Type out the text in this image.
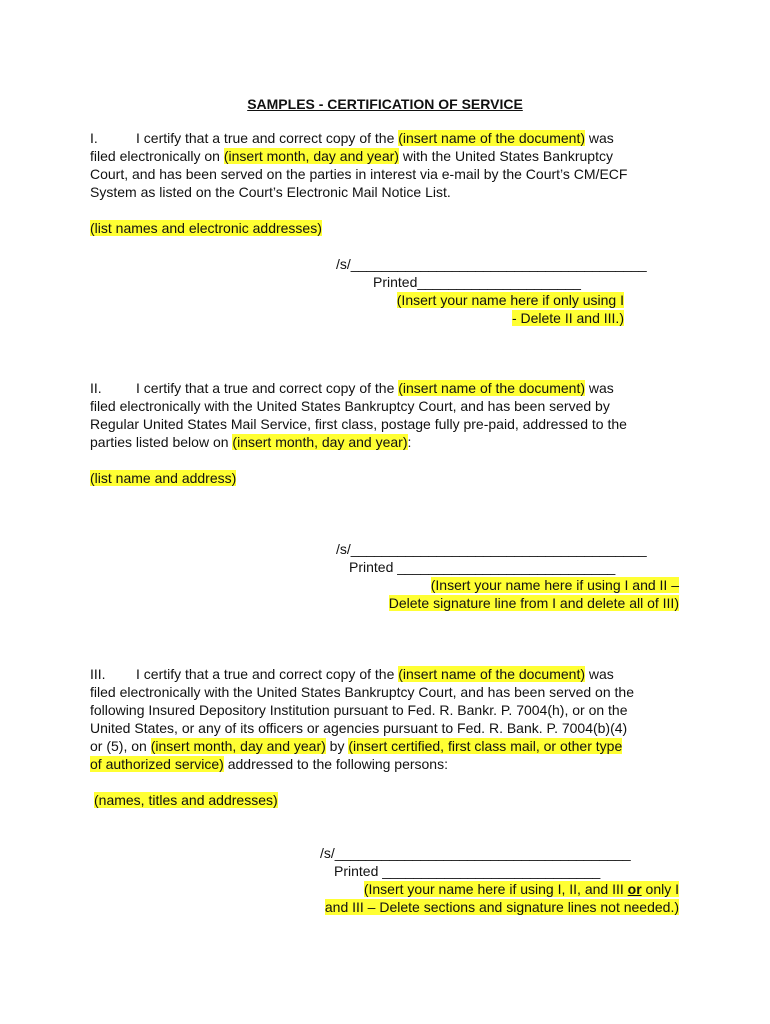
SAMPLES - CERTIFICATION OF SERVICE

I.	I certify that a true and correct copy of the (insert name of the document) was

filed electronically on (insert month, day and year) with the United States Bankruptcy

Court, and has been served on the parties in interest via e-mail by the Court’s CM/ECF

System as listed on the Court’s Electronic Mail Notice List.

(list names and electronic addresses)
/s/______________________________________
Printed_____________________
(Insert your name here if only using I
- Delete II and III.)

II. I certify that a true and correct copy of the (insert name of the document) was

filed electronically with the United States Bankruptcy Court, and has been served by

Regular United States Mail Service, first class, postage fully pre-paid, addressed to the

parties listed below on (insert month, day and year):

(list name and address)
/s/______________________________________
Printed ____________________________
(Insert your name here if using I and II –
Delete signature line from I and delete all of III)

III. I certify that a true and correct copy of the (insert name of the document) was

filed electronically with the United States Bankruptcy Court, and has been served on the

following Insured Depository Institution pursuant to Fed. R. Bankr. P. 7004(h), or on the

United States, or any of its officers or agencies pursuant to Fed. R. Bank. P. 7004(b)(4)

or (5), on (insert month, day and year) by (insert certified, first class mail, or other type

of authorized service) addressed to the following persons:

(names, titles and addresses)
/s/______________________________________
Printed ____________________________
(Insert your name here if using I, II, and III or only I
and III – Delete sections and signature lines not needed.)
